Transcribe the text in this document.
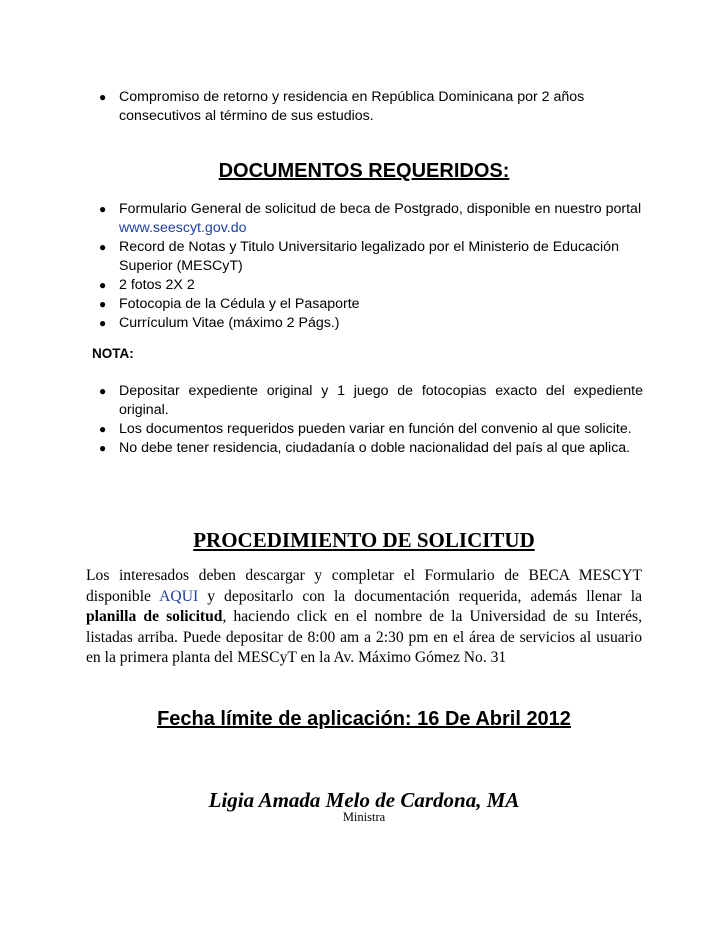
● Compromiso de retorno y residencia en República Dominicana por 2 años consecutivos al término de sus estudios.
DOCUMENTOS REQUERIDOS:
● Formulario General de solicitud de beca de Postgrado, disponible en nuestro portal www.seescyt.gov.do
● Record de Notas y Titulo Universitario legalizado por el Ministerio de Educación Superior (MESCyT)
● 2 fotos 2X 2
● Fotocopia de la Cédula y el Pasaporte
● Currículum Vitae (máximo 2 Págs.)
NOTA:
● Depositar expediente original y 1 juego de fotocopias exacto del expediente original.
● Los documentos requeridos pueden variar en función del convenio al que solicite.
● No debe tener residencia, ciudadanía o doble nacionalidad del país al que aplica.
PROCEDIMIENTO DE SOLICITUD
Los interesados deben descargar y completar el Formulario de BECA MESCYT disponible AQUI y depositarlo con la documentación requerida, además llenar la planilla de solicitud, haciendo click en el nombre de la Universidad de su Interés, listadas arriba. Puede depositar de 8:00 am a 2:30 pm en el área de servicios al usuario en la primera planta del MESCyT en la Av. Máximo Gómez No. 31
Fecha límite de aplicación: 16 De Abril 2012
Ligia Amada Melo de Cardona, MA
Ministra
